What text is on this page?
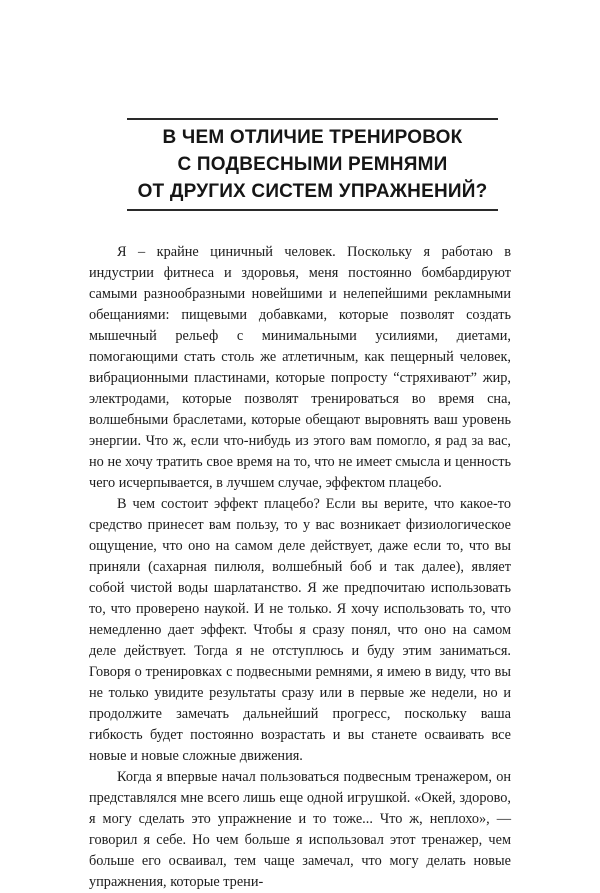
В ЧЕМ ОТЛИЧИЕ ТРЕНИРОВОК
С ПОДВЕСНЫМИ РЕМНЯМИ
ОТ ДРУГИХ СИСТЕМ УПРАЖНЕНИЙ?

Я – крайне циничный человек. Поскольку я работаю в индустрии фитнеса и здоровья, меня постоянно бомбардируют самыми разнообразными новейшими и нелепейшими рекламными обещаниями: пищевыми добавками, которые позволят создать мышечный рельеф с минимальными усилиями, диетами, помогающими стать столь же атлетичным, как пещерный человек, вибрационными пластинами, которые попросту “стряхивают” жир, электродами, которые позволят тренироваться во время сна, волшебными браслетами, которые обещают выровнять ваш уровень энергии. Что ж, если что-нибудь из этого вам помогло, я рад за вас, но не хочу тратить свое время на то, что не имеет смысла и ценность чего исчерпывается, в лучшем случае, эффектом плацебо.

В чем состоит эффект плацебо? Если вы верите, что какое-то средство принесет вам пользу, то у вас возникает физиологическое ощущение, что оно на самом деле действует, даже если то, что вы приняли (сахарная пилюля, волшебный боб и так далее), являет собой чистой воды шарлатанство. Я же предпочитаю использовать то, что проверено наукой. И не только. Я хочу использовать то, что немедленно дает эффект. Чтобы я сразу понял, что оно на самом деле действует. Тогда я не отступлюсь и буду этим заниматься. Говоря о тренировках с подвесными ремнями, я имею в виду, что вы не только увидите результаты сразу или в первые же недели, но и продолжите замечать дальнейший прогресс, поскольку ваша гибкость будет постоянно возрастать и вы станете осваивать все новые и новые сложные движения.

Когда я впервые начал пользоваться подвесным тренажером, он представлялся мне всего лишь еще одной игрушкой. «Окей, здорово, я могу сделать это упражнение и то тоже... Что ж, неплохо», — говорил я себе. Но чем больше я использовал этот тренажер, чем больше его осваивал, тем чаще замечал, что могу делать новые упражнения, которые трени-
